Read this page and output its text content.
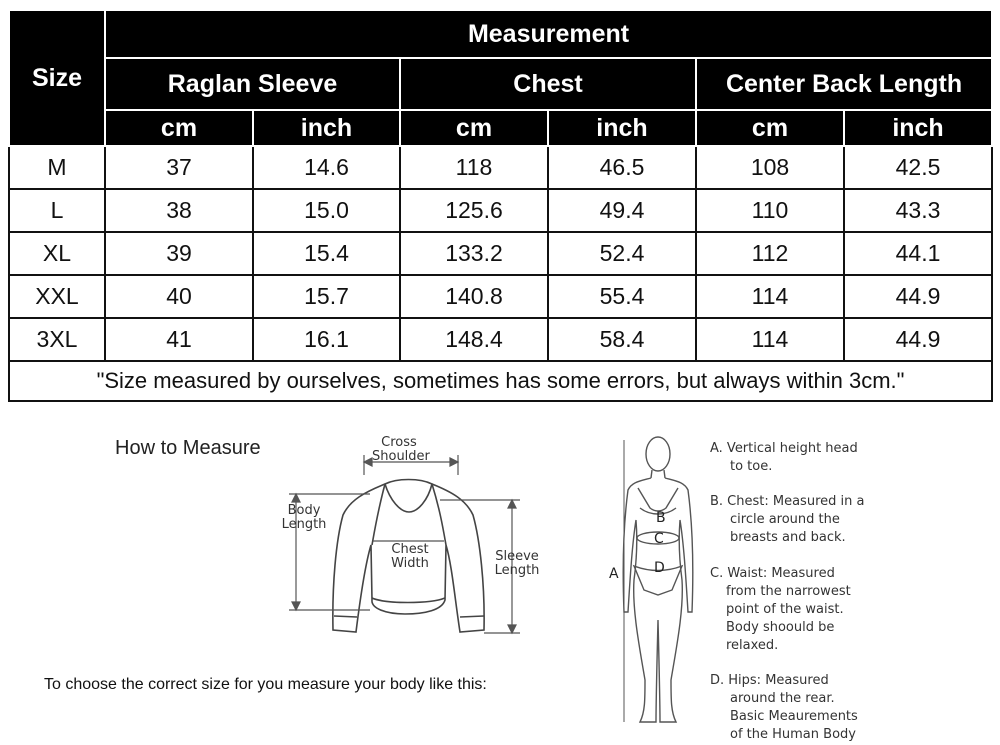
Size	Measurement					
	Raglan Sleeve		Chest		Center Back Length	
	cm	inch	cm	inch	cm	inch
M	37	14.6	118	46.5	108	42.5
L	38	15.0	125.6	49.4	110	43.3
XL	39	15.4	133.2	52.4	112	44.1
XXL	40	15.7	140.8	55.4	114	44.9
3XL	41	16.1	148.4	58.4	114	44.9
"Size measured by ourselves, sometimes has some errors, but always within 3cm."						
How to Measure	Cross
Shoulder
Body
Length
Chest
Width	Sleeve
Length
To choose the correct size for you measure your body like this:
B
C
D
A
A. Vertical height head
to toe.
B. Chest: Measured in a
circle around the
breasts and back.
C. Waist: Measured
from the narrowest
point of the waist.
Body shoould be
relaxed.
D. Hips: Measured
around the rear.
Basic Meaurements
of the Human Body
